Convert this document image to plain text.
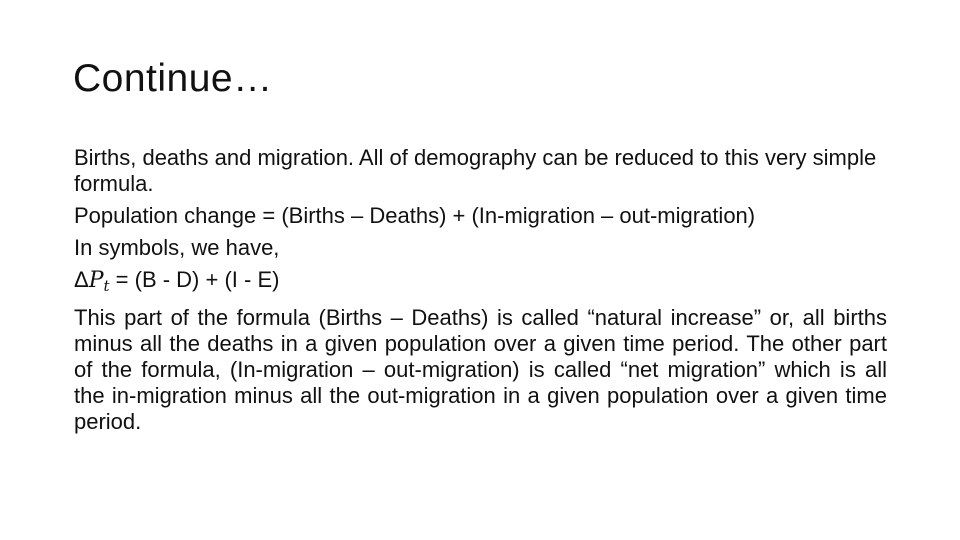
Continue…

Births, deaths and migration. All of demography can be reduced to this very simple formula.

Population change = (Births – Deaths) + (In-migration – out-migration)

In symbols, we have,

ΔPt = (B - D) + (I - E)

This part of the formula (Births – Deaths) is called “natural increase” or, all births minus all the deaths in a given population over a given time period. The other part of the formula, (In-migration – out-migration) is called “net migration” which is all the in-migration minus all the out-migration in a given population over a given time period.
